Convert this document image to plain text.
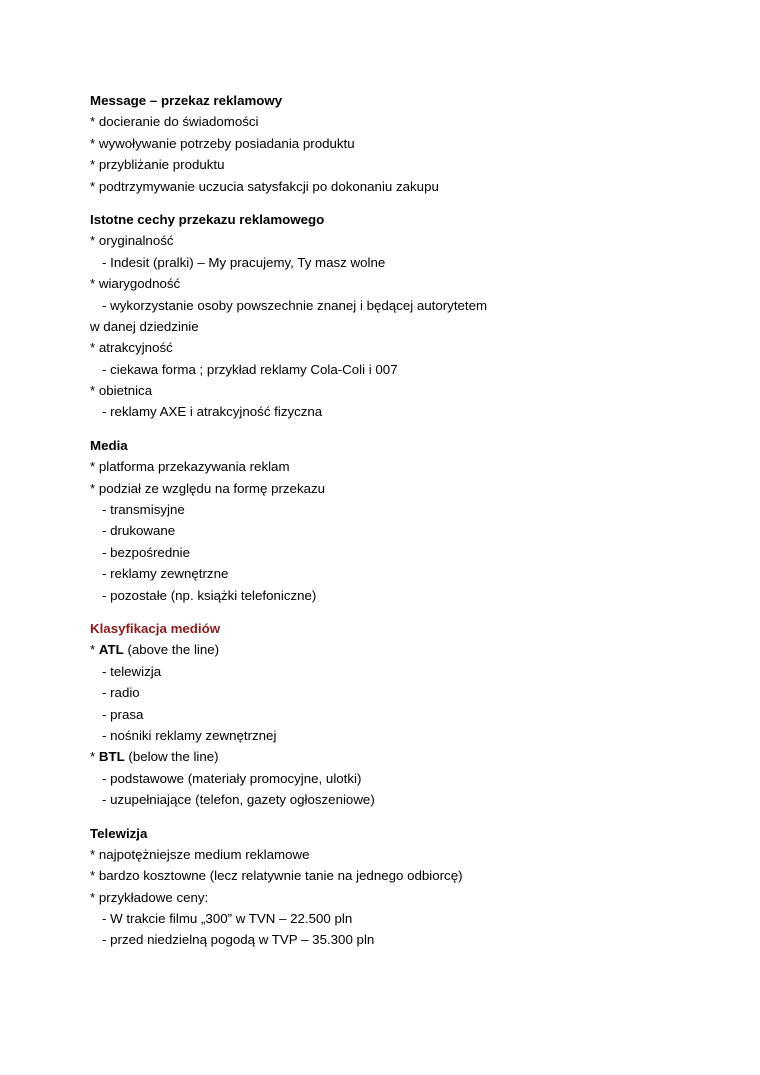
Message – przekaz reklamowy
* docieranie do świadomości
* wywoływanie potrzeby posiadania produktu
* przybliżanie produktu
* podtrzymywanie uczucia satysfakcji po dokonaniu zakupu
Istotne cechy przekazu reklamowego
* oryginalność
- Indesit (pralki) – My pracujemy, Ty masz wolne
* wiarygodność
- wykorzystanie osoby powszechnie znanej i będącej autorytetem
w danej dziedzinie
* atrakcyjność
- ciekawa forma ; przykład reklamy Cola-Coli i 007
* obietnica
- reklamy AXE i atrakcyjność fizyczna
Media
* platforma przekazywania reklam
* podział ze względu na formę przekazu
- transmisyjne
- drukowane
- bezpośrednie
- reklamy zewnętrzne
- pozostałe (np. książki telefoniczne)
Klasyfikacja mediów
* ATL (above the line)
- telewizja
- radio
- prasa
- nośniki reklamy zewnętrznej
* BTL (below the line)
- podstawowe (materiały promocyjne, ulotki)
- uzupełniające (telefon, gazety ogłoszeniowe)
Telewizja
* najpotężniejsze medium reklamowe
* bardzo kosztowne (lecz relatywnie tanie na jednego odbiorcę)
* przykładowe ceny:
- W trakcie filmu „300” w TVN – 22.500 pln
- przed niedzielną pogodą w TVP – 35.300 pln
